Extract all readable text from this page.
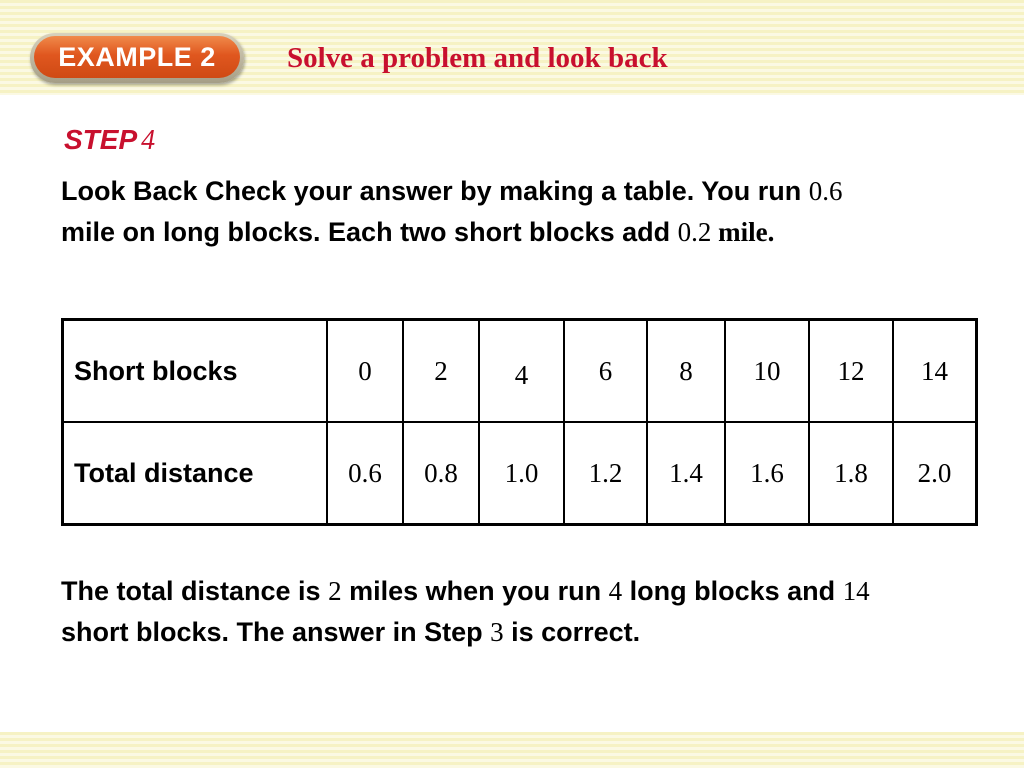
EXAMPLE 2	Solve a problem and look back
STEP 4
Look Back Check your answer by making a table. You run 0.6 mile on long blocks. Each two short blocks add 0.2 mile.
Short blocks	0	2	4	6	8	10	12	14
Total distance	0.6	0.8	1.0	1.2	1.4	1.6	1.8	2.0
The total distance is 2 miles when you run 4 long blocks and 14 short blocks. The answer in Step 3 is correct.
